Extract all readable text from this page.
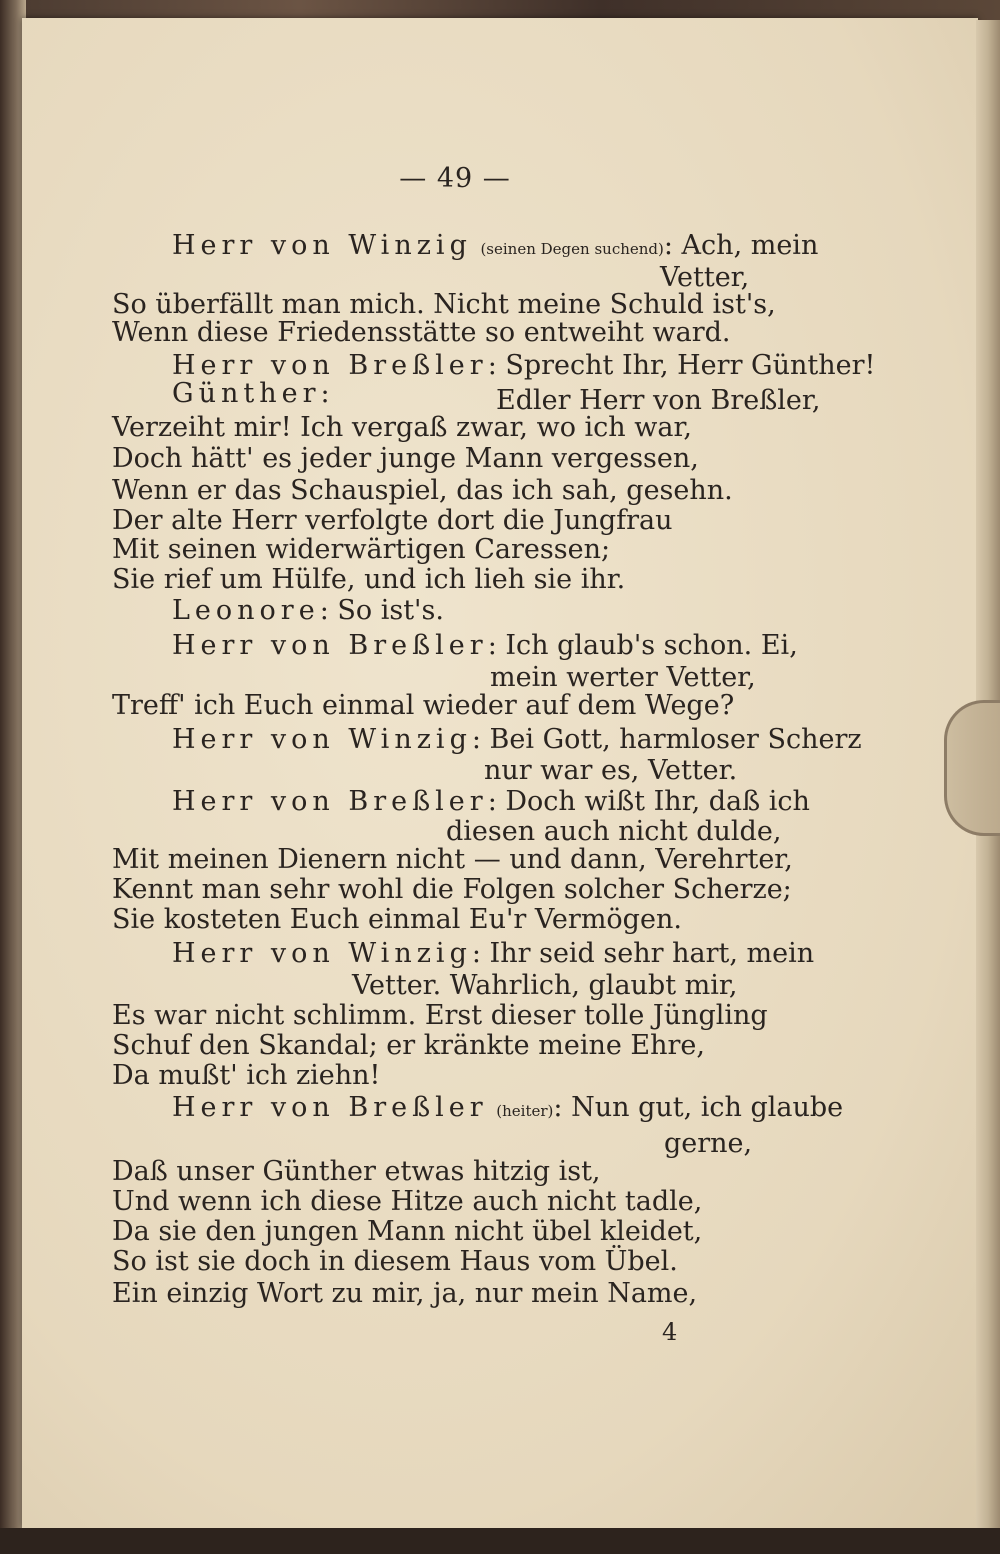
— 49 —
Herr von Winzig (seinen Degen suchend): Ach, mein
Vetter,
So überfällt man mich. Nicht meine Schuld ist's,
Wenn diese Friedensstätte so entweiht ward.
Herr von Breßler: Sprecht Ihr, Herr Günther!
Günther:	Edler Herr von Breßler,
Verzeiht mir! Ich vergaß zwar, wo ich war,
Doch hätt' es jeder junge Mann vergessen,
Wenn er das Schauspiel, das ich sah, gesehn.
Der alte Herr verfolgte dort die Jungfrau
Mit seinen widerwärtigen Caressen;
Sie rief um Hülfe, und ich lieh sie ihr.
Leonore: So ist's.
Herr von Breßler: Ich glaub's schon. Ei,
mein werter Vetter,
Treff' ich Euch einmal wieder auf dem Wege?
Herr von Winzig: Bei Gott, harmloser Scherz
nur war es, Vetter.
Herr von Breßler: Doch wißt Ihr, daß ich
diesen auch nicht dulde,
Mit meinen Dienern nicht — und dann, Verehrter,
Kennt man sehr wohl die Folgen solcher Scherze;
Sie kosteten Euch einmal Eu'r Vermögen.
Herr von Winzig: Ihr seid sehr hart, mein
Vetter. Wahrlich, glaubt mir,
Es war nicht schlimm. Erst dieser tolle Jüngling
Schuf den Skandal; er kränkte meine Ehre,
Da mußt' ich ziehn!
Herr von Breßler (heiter): Nun gut, ich glaube
gerne,
Daß unser Günther etwas hitzig ist,
Und wenn ich diese Hitze auch nicht tadle,
Da sie den jungen Mann nicht übel kleidet,
So ist sie doch in diesem Haus vom Übel.
Ein einzig Wort zu mir, ja, nur mein Name,
4
